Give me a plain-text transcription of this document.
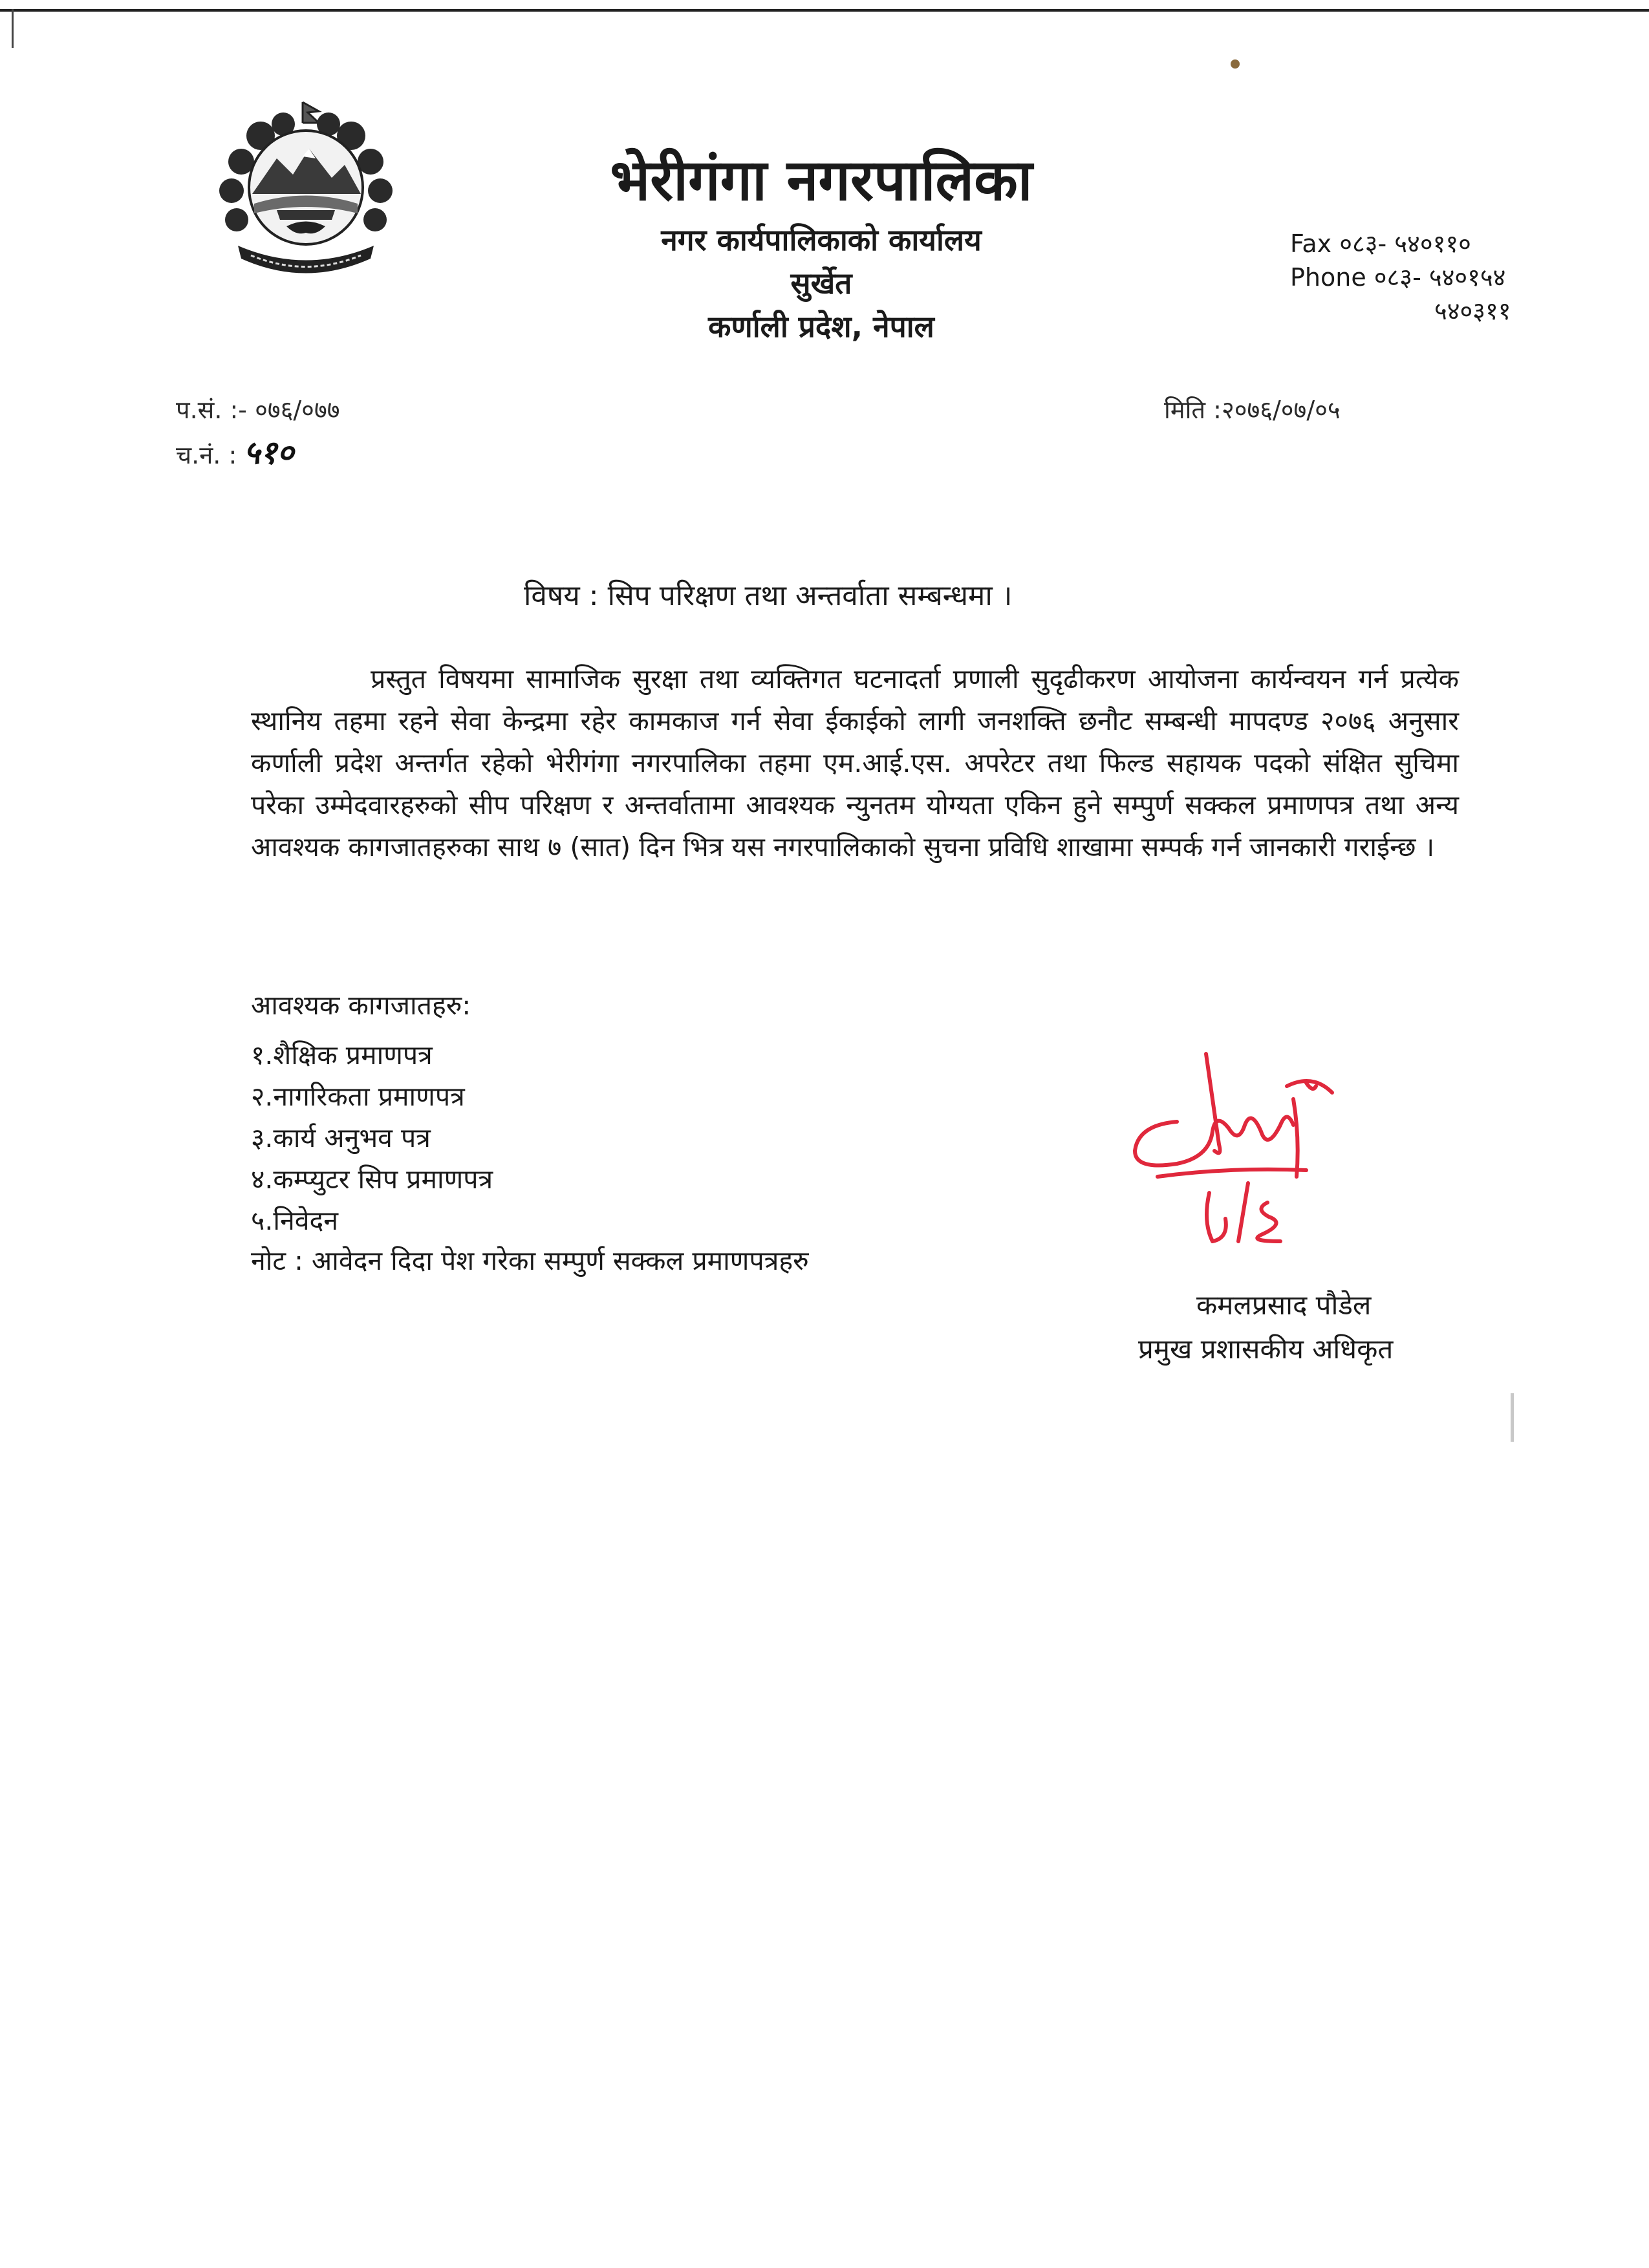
भेरीगंगा नगरपालिका
नगर कार्यपालिकाको कार्यालय
सुर्खेत
कर्णाली प्रदेश, नेपाल
Fax ०८३- ५४०११०
Phone ०८३- ५४०१५४
५४०३११
प.सं. :- ०७६/०७७
च.नं. : ५१०
मिति :२०७६/०७/०५
विषय : सिप परिक्षण तथा अन्तर्वाता सम्बन्धमा ।
प्रस्तुत विषयमा सामाजिक सुरक्षा तथा व्यक्तिगत घटनादर्ता प्रणाली सुदृढीकरण आयोजना कार्यन्वयन गर्न प्रत्येक स्थानिय तहमा रहने सेवा केन्द्रमा रहेर कामकाज गर्न सेवा ईकाईको लागी जनशक्ति छनौट सम्बन्धी मापदण्ड २०७६ अनुसार कर्णाली प्रदेश अन्तर्गत रहेको भेरीगंगा नगरपालिका तहमा एम.आई.एस. अपरेटर तथा फिल्ड सहायक पदको संक्षित सुचिमा परेका उम्मेदवारहरुको सीप परिक्षण र अन्तर्वातामा आवश्यक न्युनतम योग्यता एकिन हुने सम्पुर्ण सक्कल प्रमाणपत्र तथा अन्य आवश्यक कागजातहरुका साथ ७ (सात) दिन भित्र यस नगरपालिकाको सुचना प्रविधि शाखामा सम्पर्क गर्न जानकारी गराईन्छ ।
आवश्यक कागजातहरु:
१.शैक्षिक प्रमाणपत्र
२.नागरिकता प्रमाणपत्र
३.कार्य अनुभव पत्र
४.कम्प्युटर सिप प्रमाणपत्र
५.निवेदन
नोट : आवेदन दिदा पेश गरेका सम्पुर्ण सक्कल प्रमाणपत्रहरु
कमलप्रसाद पौडेल
प्रमुख प्रशासकीय अधिकृत
